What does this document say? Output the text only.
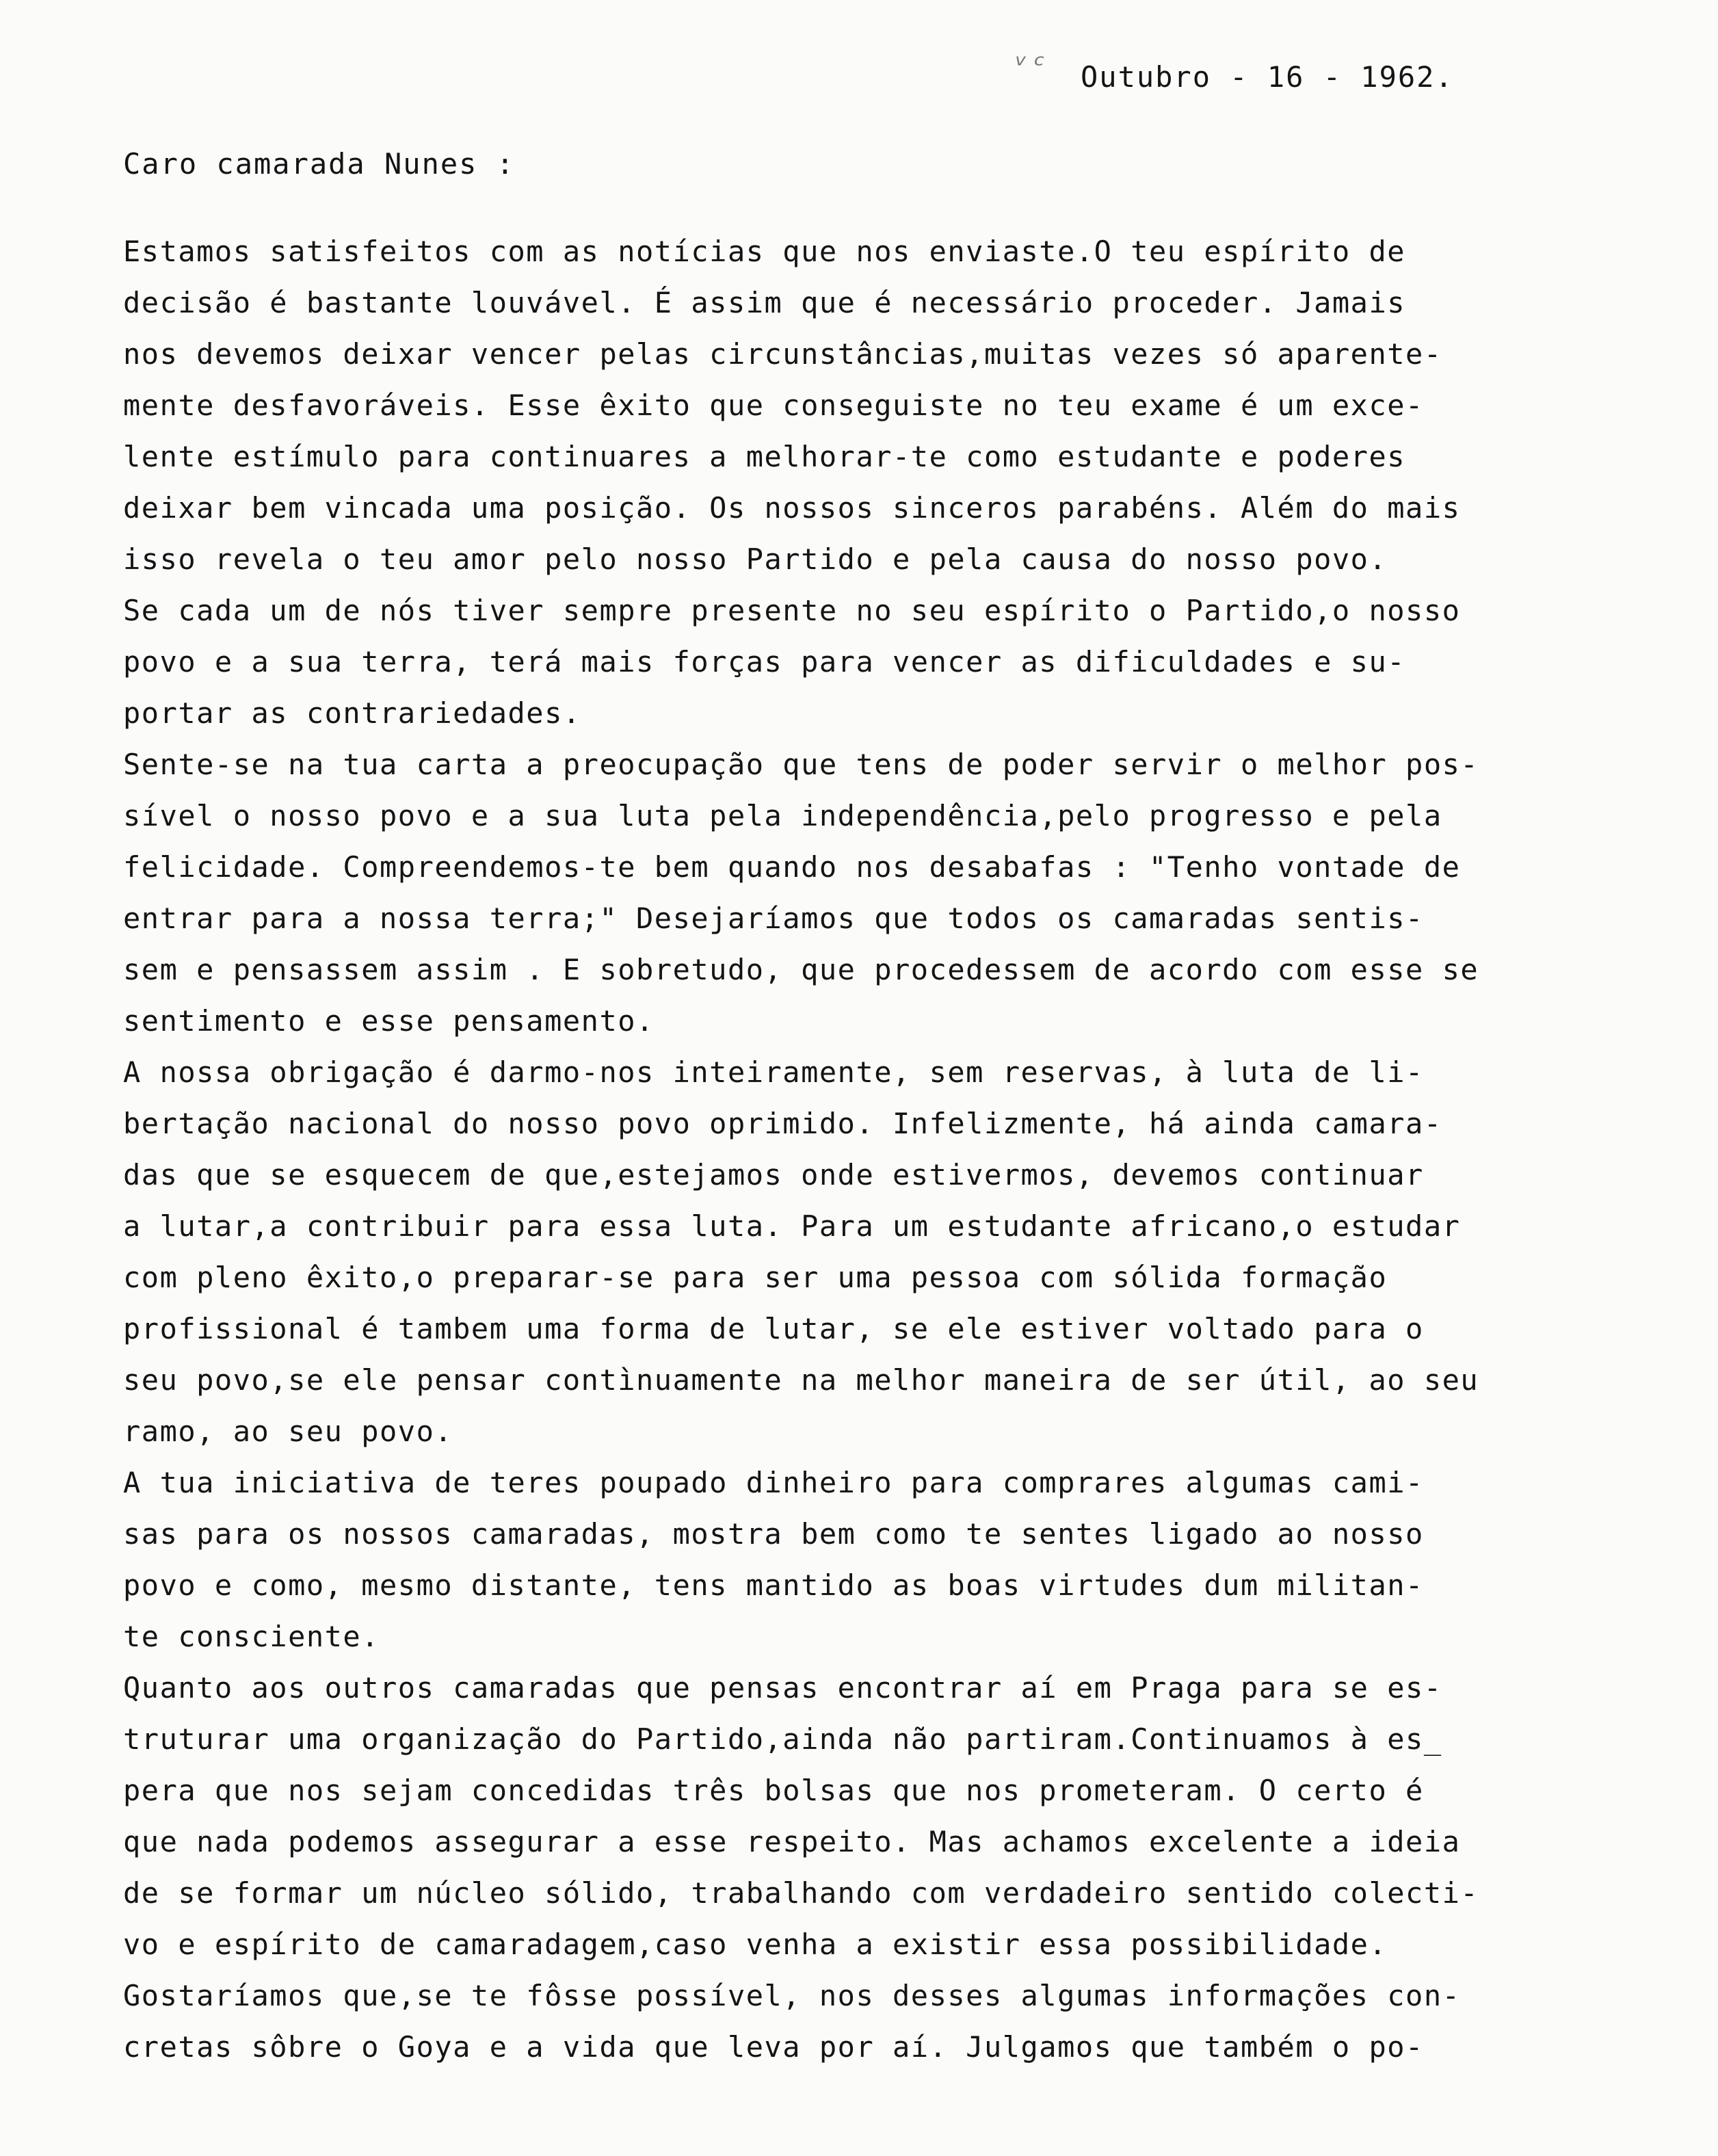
ᵛᶜ Outubro - 16 - 1962.
Caro camarada Nunes :
Estamos satisfeitos com as notícias que nos enviaste.O teu espírito de
decisão é bastante louvável. É assim que é necessário proceder. Jamais
nos devemos deixar vencer pelas circunstâncias,muitas vezes só aparente-
mente desfavoráveis. Esse êxito que conseguiste no teu exame é um exce-
lente estímulo para continuares a melhorar-te como estudante e poderes
deixar bem vincada uma posição. Os nossos sinceros parabéns. Além do mais
isso revela o teu amor pelo nosso Partido e pela causa do nosso povo.
Se cada um de nós tiver sempre presente no seu espírito o Partido,o nosso
povo e a sua terra, terá mais forças para vencer as dificuldades e su-
portar as contrariedades.
Sente-se na tua carta a preocupação que tens de poder servir o melhor pos-
sível o nosso povo e a sua luta pela independência,pelo progresso e pela
felicidade. Compreendemos-te bem quando nos desabafas : "Tenho vontade de
entrar para a nossa terra;" Desejaríamos que todos os camaradas sentis-
sem e pensassem assim . E sobretudo, que procedessem de acordo com esse se
sentimento e esse pensamento.
A nossa obrigação é darmo-nos inteiramente, sem reservas, à luta de li-
bertação nacional do nosso povo oprimido. Infelizmente, há ainda camara-
das que se esquecem de que,estejamos onde estivermos, devemos continuar
a lutar,a contribuir para essa luta. Para um estudante africano,o estudar
com pleno êxito,o preparar-se para ser uma pessoa com sólida formação
profissional é tambem uma forma de lutar, se ele estiver voltado para o
seu povo,se ele pensar contìnuamente na melhor maneira de ser útil, ao seu
ramo, ao seu povo.
A tua iniciativa de teres poupado dinheiro para comprares algumas cami-
sas para os nossos camaradas, mostra bem como te sentes ligado ao nosso
povo e como, mesmo distante, tens mantido as boas virtudes dum militan-
te consciente.
Quanto aos outros camaradas que pensas encontrar aí em Praga para se es-
truturar uma organização do Partido,ainda não partiram.Continuamos à es_
pera que nos sejam concedidas três bolsas que nos prometeram. O certo é
que nada podemos assegurar a esse respeito. Mas achamos excelente a ideia
de se formar um núcleo sólido, trabalhando com verdadeiro sentido colecti-
vo e espírito de camaradagem,caso venha a existir essa possibilidade.
Gostaríamos que,se te fôsse possível, nos desses algumas informações con-
cretas sôbre o Goya e a vida que leva por aí. Julgamos que também o po-
